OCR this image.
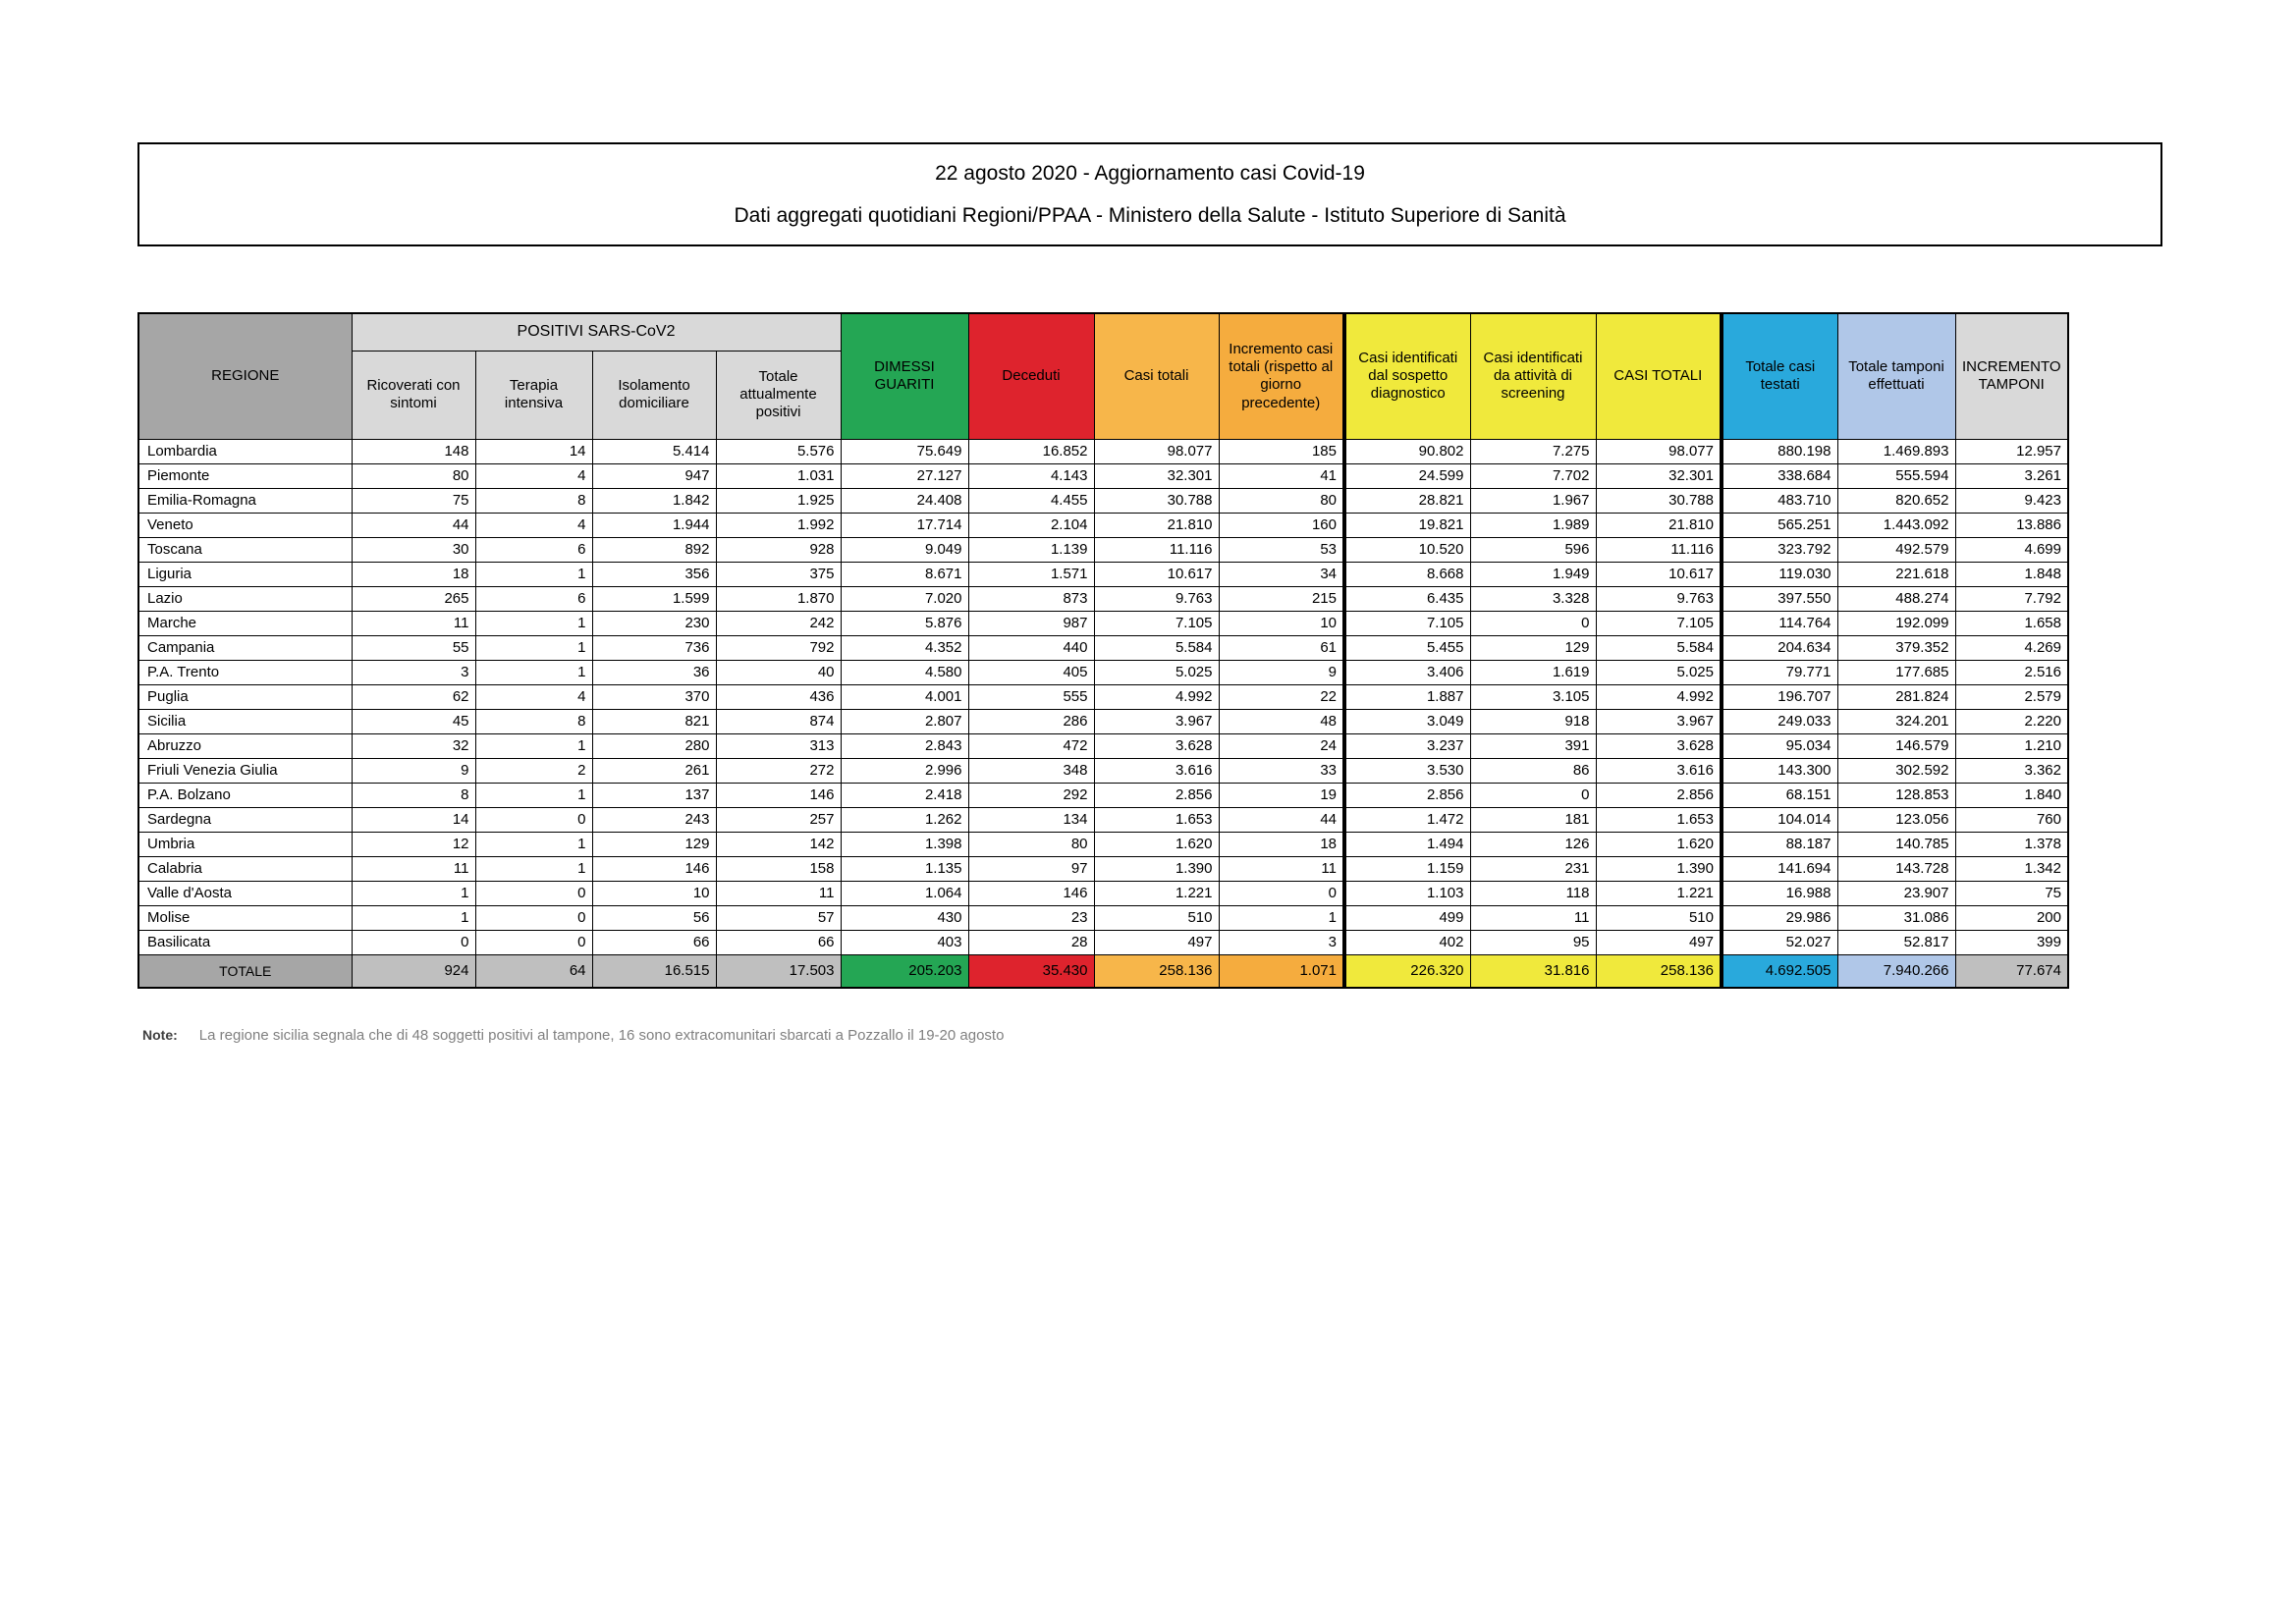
22 agosto 2020 - Aggiornamento casi Covid-19
Dati aggregati quotidiani Regioni/PPAA - Ministero della Salute - Istituto Superiore di Sanità
REGIONE	POSITIVI SARS-CoV2				DIMESSI GUARITI	Deceduti	Casi totali	Incremento casi totali (rispetto al giorno precedente)	Casi identificati dal sospetto diagnostico	Casi identificati da attività di screening	CASI TOTALI	Totale casi testati	Totale tamponi effettuati	INCREMENTO TAMPONI
	Ricoverati con sintomi	Terapia intensiva	Isolamento domiciliare	Totale attualmente positivi										
Lombardia	148	14	5.414	5.576	75.649	16.852	98.077	185	90.802	7.275	98.077	880.198	1.469.893	12.957
Piemonte	80	4	947	1.031	27.127	4.143	32.301	41	24.599	7.702	32.301	338.684	555.594	3.261
Emilia-Romagna	75	8	1.842	1.925	24.408	4.455	30.788	80	28.821	1.967	30.788	483.710	820.652	9.423
Veneto	44	4	1.944	1.992	17.714	2.104	21.810	160	19.821	1.989	21.810	565.251	1.443.092	13.886
Toscana	30	6	892	928	9.049	1.139	11.116	53	10.520	596	11.116	323.792	492.579	4.699
Liguria	18	1	356	375	8.671	1.571	10.617	34	8.668	1.949	10.617	119.030	221.618	1.848
Lazio	265	6	1.599	1.870	7.020	873	9.763	215	6.435	3.328	9.763	397.550	488.274	7.792
Marche	11	1	230	242	5.876	987	7.105	10	7.105	0	7.105	114.764	192.099	1.658
Campania	55	1	736	792	4.352	440	5.584	61	5.455	129	5.584	204.634	379.352	4.269
P.A. Trento	3	1	36	40	4.580	405	5.025	9	3.406	1.619	5.025	79.771	177.685	2.516
Puglia	62	4	370	436	4.001	555	4.992	22	1.887	3.105	4.992	196.707	281.824	2.579
Sicilia	45	8	821	874	2.807	286	3.967	48	3.049	918	3.967	249.033	324.201	2.220
Abruzzo	32	1	280	313	2.843	472	3.628	24	3.237	391	3.628	95.034	146.579	1.210
Friuli Venezia Giulia	9	2	261	272	2.996	348	3.616	33	3.530	86	3.616	143.300	302.592	3.362
P.A. Bolzano	8	1	137	146	2.418	292	2.856	19	2.856	0	2.856	68.151	128.853	1.840
Sardegna	14	0	243	257	1.262	134	1.653	44	1.472	181	1.653	104.014	123.056	760
Umbria	12	1	129	142	1.398	80	1.620	18	1.494	126	1.620	88.187	140.785	1.378
Calabria	11	1	146	158	1.135	97	1.390	11	1.159	231	1.390	141.694	143.728	1.342
Valle d'Aosta	1	0	10	11	1.064	146	1.221	0	1.103	118	1.221	16.988	23.907	75
Molise	1	0	56	57	430	23	510	1	499	11	510	29.986	31.086	200
Basilicata	0	0	66	66	403	28	497	3	402	95	497	52.027	52.817	399
TOTALE	924	64	16.515	17.503	205.203	35.430	258.136	1.071	226.320	31.816	258.136	4.692.505	7.940.266	77.674
Note: La regione sicilia segnala che di 48 soggetti positivi al tampone, 16 sono extracomunitari sbarcati a Pozzallo il 19-20 agosto
